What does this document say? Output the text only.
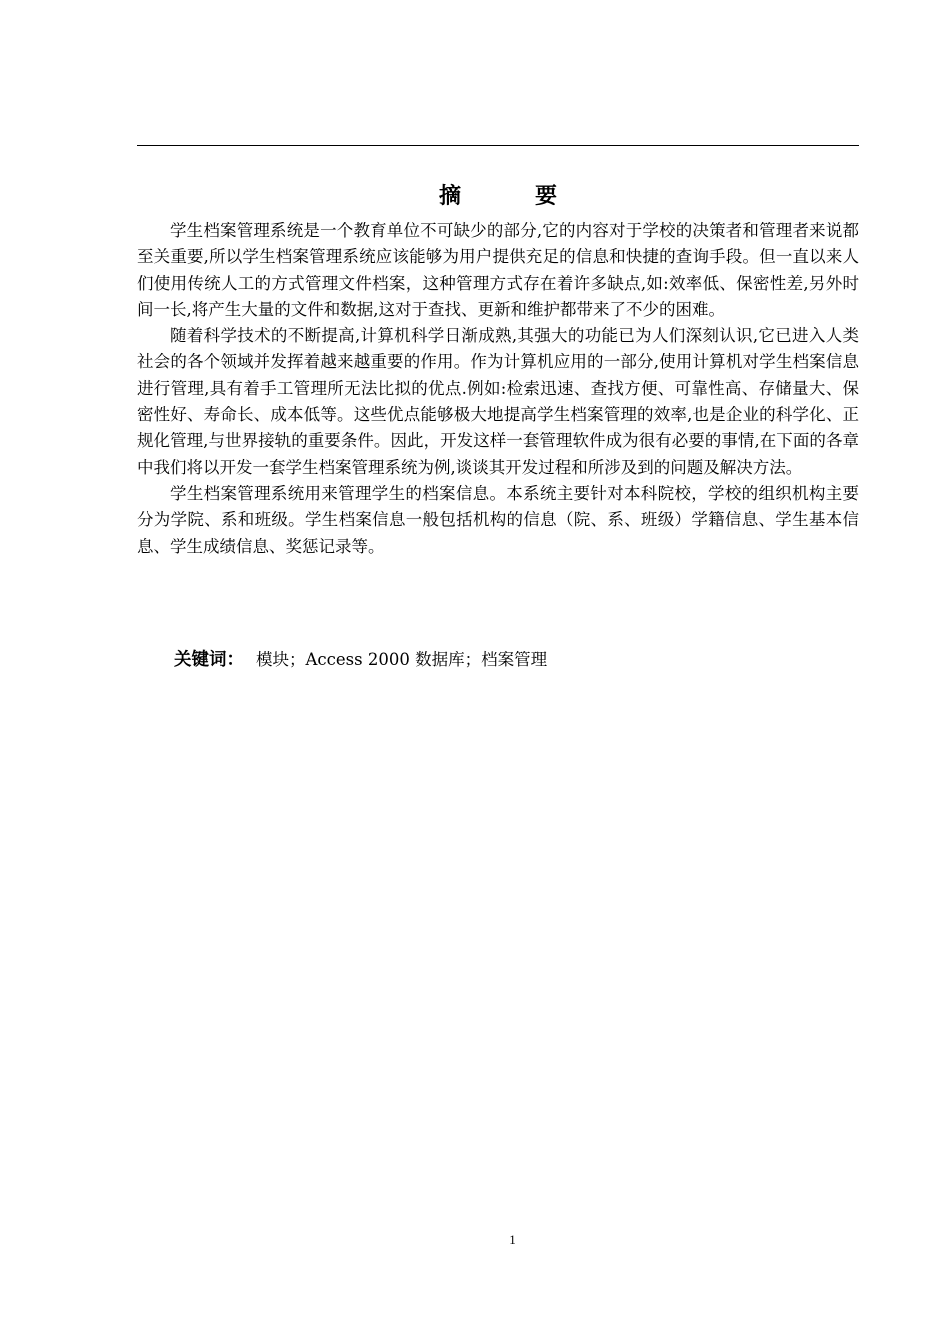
摘	要

学生档案管理系统是一个教育单位不可缺少的部分,它的内容对于学校的决策者和管理者来说都至关重要,所以学生档案管理系统应该能够为用户提供充足的信息和快捷的查询手段。但一直以来人们使用传统人工的方式管理文件档案，这种管理方式存在着许多缺点,如:效率低、保密性差,另外时间一长,将产生大量的文件和数据,这对于查找、更新和维护都带来了不少的困难。

随着科学技术的不断提高,计算机科学日渐成熟,其强大的功能已为人们深刻认识,它已进入人类社会的各个领域并发挥着越来越重要的作用。作为计算机应用的一部分,使用计算机对学生档案信息进行管理,具有着手工管理所无法比拟的优点.例如:检索迅速、查找方便、可靠性高、存储量大、保密性好、寿命长、成本低等。这些优点能够极大地提高学生档案管理的效率,也是企业的科学化、正规化管理,与世界接轨的重要条件。因此，开发这样一套管理软件成为很有必要的事情,在下面的各章中我们将以开发一套学生档案管理系统为例,谈谈其开发过程和所涉及到的问题及解决方法。

学生档案管理系统用来管理学生的档案信息。本系统主要针对本科院校，学校的组织机构主要分为学院、系和班级。学生档案信息一般包括机构的信息（院、系、班级）学籍信息、学生基本信息、学生成绩信息、奖惩记录等。

关键词： 模块；Access 2000 数据库；档案管理
1
